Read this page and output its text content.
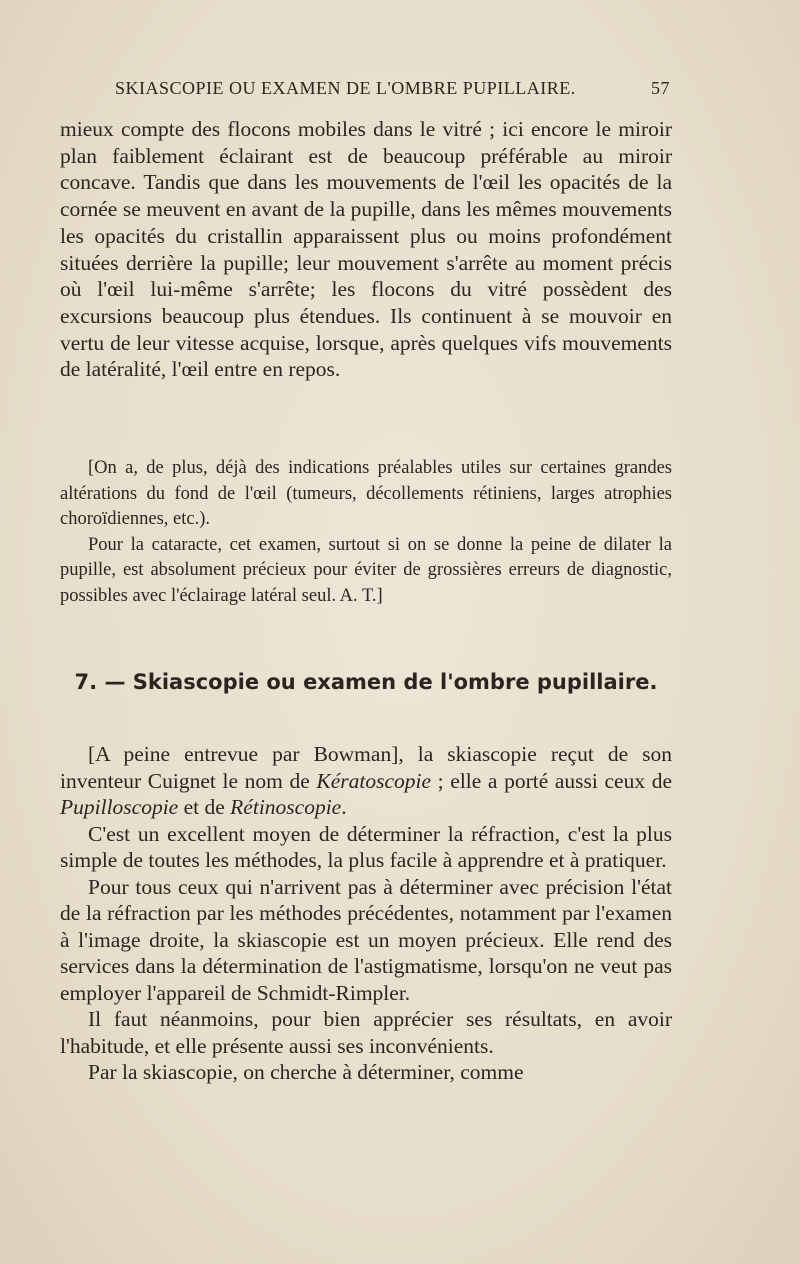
SKIASCOPIE OU EXAMEN DE L'OMBRE PUPILLAIRE.	57

mieux compte des flocons mobiles dans le vitré ; ici encore le miroir plan faiblement éclairant est de beaucoup préférable au miroir concave. Tandis que dans les mouvements de l'œil les opacités de la cornée se meuvent en avant de la pupille, dans les mêmes mouvements les opacités du cristallin apparaissent plus ou moins profondément situées derrière la pupille; leur mouvement s'arrête au moment précis où l'œil lui-même s'arrête; les flocons du vitré possèdent des excursions beaucoup plus étendues. Ils continuent à se mouvoir en vertu de leur vitesse acquise, lorsque, après quelques vifs mouvements de latéralité, l'œil entre en repos.

[On a, de plus, déjà des indications préalables utiles sur certaines grandes altérations du fond de l'œil (tumeurs, décollements rétiniens, larges atrophies choroïdiennes, etc.).

Pour la cataracte, cet examen, surtout si on se donne la peine de dilater la pupille, est absolument précieux pour éviter de grossières erreurs de diagnostic, possibles avec l'éclairage latéral seul. A. T.]

7. — Skiascopie ou examen de l'ombre pupillaire.

[A peine entrevue par Bowman], la skiascopie reçut de son inventeur Cuignet le nom de Kératoscopie ; elle a porté aussi ceux de Pupilloscopie et de Rétinoscopie.

C'est un excellent moyen de déterminer la réfraction, c'est la plus simple de toutes les méthodes, la plus facile à apprendre et à pratiquer.

Pour tous ceux qui n'arrivent pas à déterminer avec précision l'état de la réfraction par les méthodes précédentes, notamment par l'examen à l'image droite, la skiascopie est un moyen précieux. Elle rend des services dans la détermination de l'astigmatisme, lorsqu'on ne veut pas employer l'appareil de Schmidt-Rimpler.

Il faut néanmoins, pour bien apprécier ses résultats, en avoir l'habitude, et elle présente aussi ses inconvénients.

Par la skiascopie, on cherche à déterminer, comme
